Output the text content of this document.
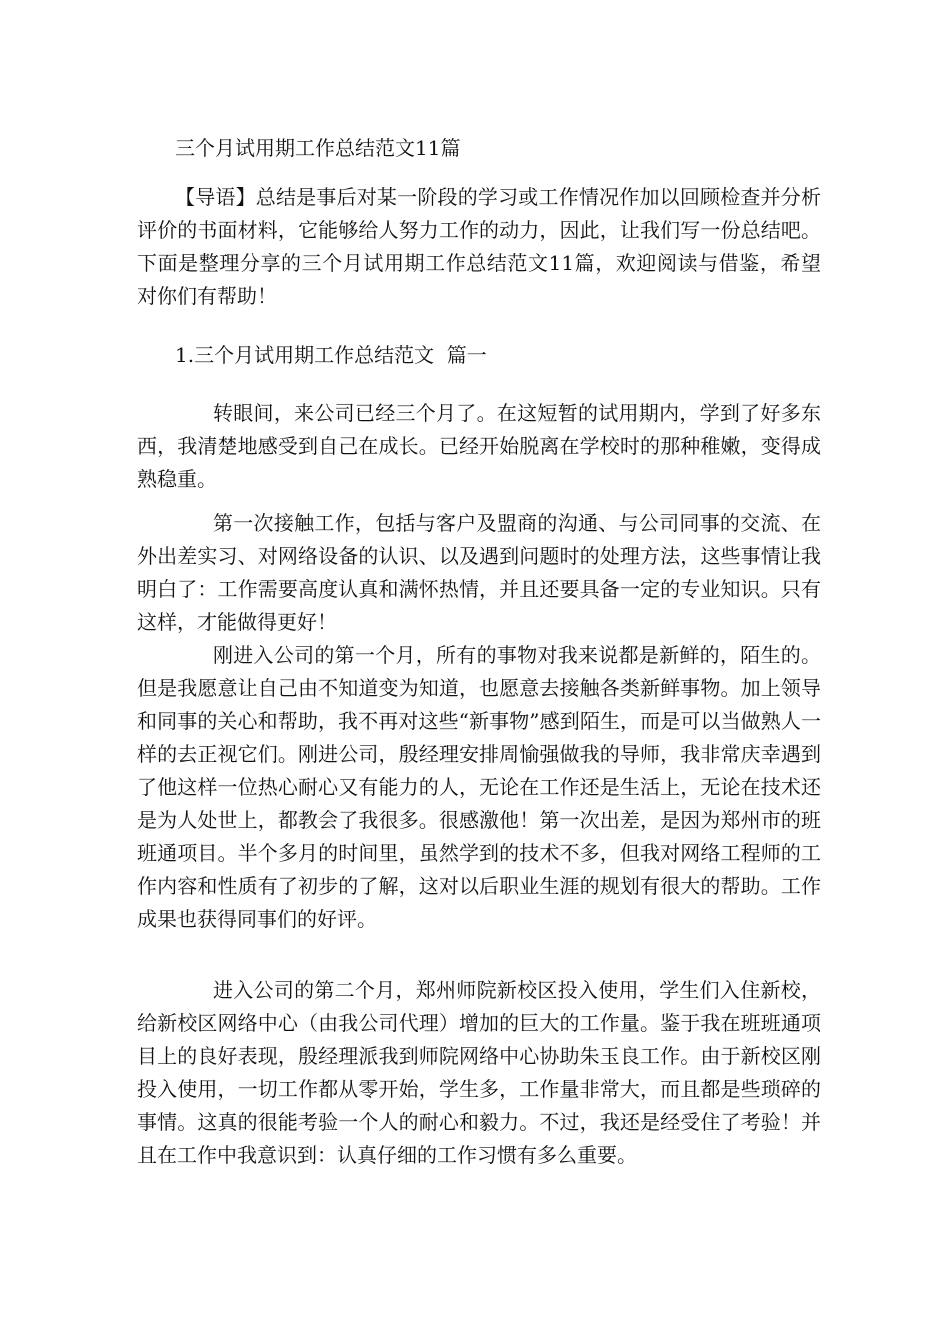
三个月试用期工作总结范文11篇

【导语】总结是事后对某一阶段的学习或工作情况作加以回顾检查并分析评价的书面材料，它能够给人努力工作的动力，因此，让我们写一份总结吧。下面是整理分享的三个月试用期工作总结范文11篇，欢迎阅读与借鉴，希望对你们有帮助！

1.三个月试用期工作总结范文  篇一

转眼间，来公司已经三个月了。在这短暂的试用期内，学到了好多东西，我清楚地感受到自己在成长。已经开始脱离在学校时的那种稚嫩，变得成熟稳重。

第一次接触工作，包括与客户及盟商的沟通、与公司同事的交流、在外出差实习、对网络设备的认识、以及遇到问题时的处理方法，这些事情让我明白了：工作需要高度认真和满怀热情，并且还要具备一定的专业知识。只有这样，才能做得更好！

刚进入公司的第一个月，所有的事物对我来说都是新鲜的，陌生的。但是我愿意让自己由不知道变为知道，也愿意去接触各类新鲜事物。加上领导和同事的关心和帮助，我不再对这些“新事物”感到陌生，而是可以当做熟人一样的去正视它们。刚进公司，殷经理安排周愉强做我的导师，我非常庆幸遇到了他这样一位热心耐心又有能力的人，无论在工作还是生活上，无论在技术还是为人处世上，都教会了我很多。很感激他！第一次出差，是因为郑州市的班班通项目。半个多月的时间里，虽然学到的技术不多，但我对网络工程师的工作内容和性质有了初步的了解，这对以后职业生涯的规划有很大的帮助。工作成果也获得同事们的好评。

进入公司的第二个月，郑州师院新校区投入使用，学生们入住新校，给新校区网络中心（由我公司代理）增加的巨大的工作量。鉴于我在班班通项目上的良好表现，殷经理派我到师院网络中心协助朱玉良工作。由于新校区刚投入使用，一切工作都从零开始，学生多，工作量非常大，而且都是些琐碎的事情。这真的很能考验一个人的耐心和毅力。不过，我还是经受住了考验！并且在工作中我意识到：认真仔细的工作习惯有多么重要。
